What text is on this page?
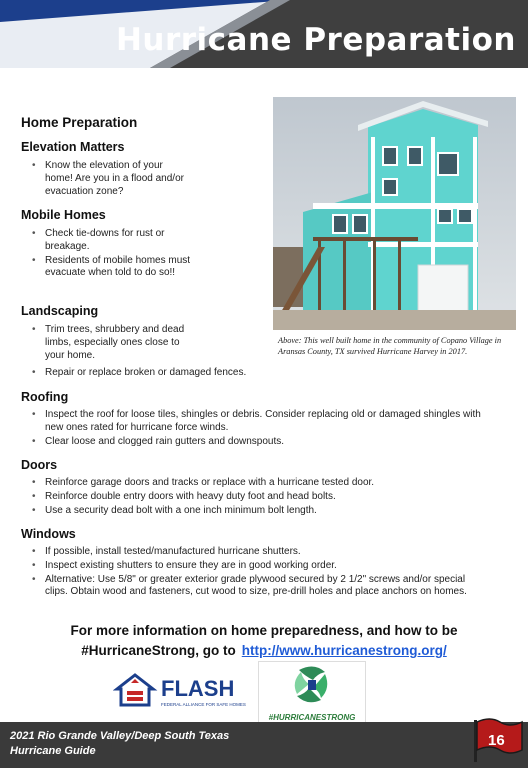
Hurricane Preparation
Home Preparation
Elevation Matters
• Know the elevation of your home! Are you in a flood and/or evacuation zone?
Mobile Homes
• Check tie-downs for rust or breakage.
• Residents of mobile homes must evacuate when told to do so!!
Landscaping
• Trim trees, shrubbery and dead limbs, especially ones close to your home.
• Repair or replace broken or damaged fences.
Roofing
• Inspect the roof for loose tiles, shingles or debris. Consider replacing old or damaged shingles with new ones rated for hurricane force winds.
• Clear loose and clogged rain gutters and downspouts.
Doors
• Reinforce garage doors and tracks or replace with a hurricane tested door.
• Reinforce double entry doors with heavy duty foot and head bolts.
• Use a security dead bolt with a one inch minimum bolt length.
Windows
• If possible, install tested/manufactured hurricane shutters.
• Inspect existing shutters to ensure they are in good working order.
• Alternative: Use 5/8" or greater exterior grade plywood secured by 2 1/2" screws and/or special clips. Obtain wood and fasteners, cut wood to size, pre-drill holes and place anchors on homes.
Above: This well built home in the community of Copano Village in Aransas County, TX survived Hurricane Harvey in 2017.
For more information on home preparedness, and how to be
#HurricaneStrong, go to http://www.hurricanestrong.org/
FLASH
FEDERAL ALLIANCE FOR SAFE HOMES
#HURRICANESTRONG
2021 Rio Grande Valley/Deep South Texas
Hurricane Guide
16
